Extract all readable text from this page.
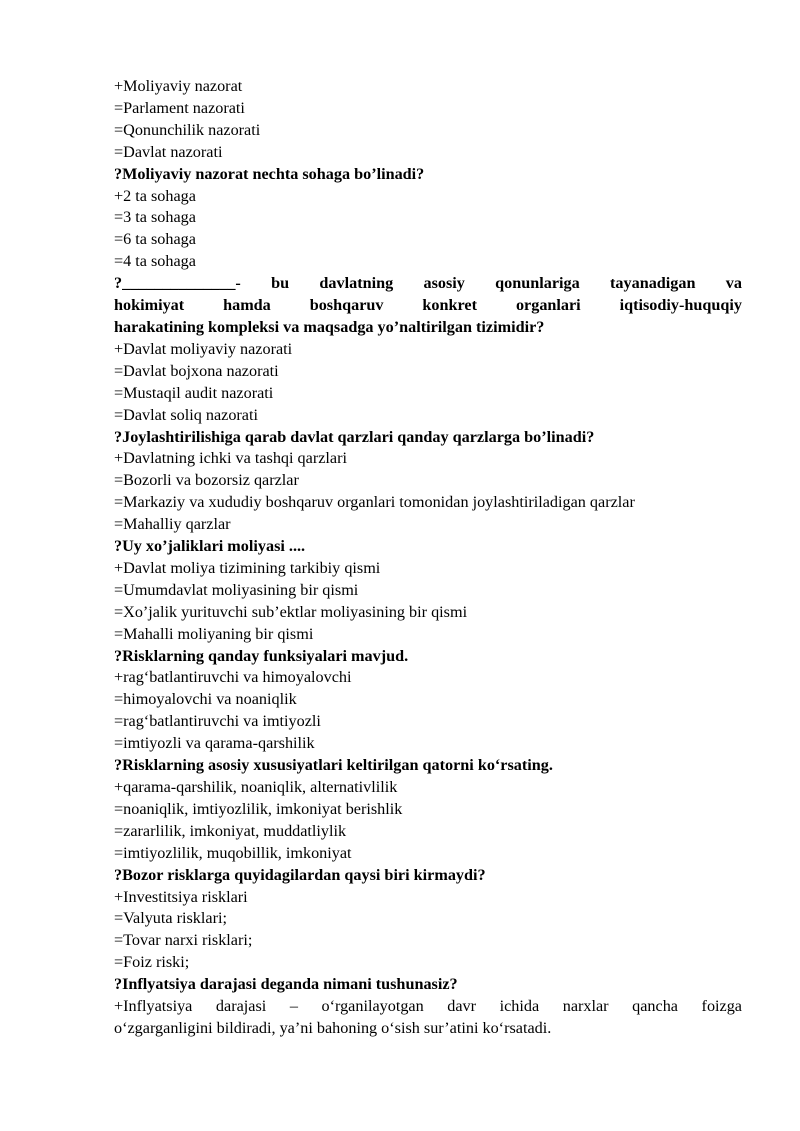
+Moliyaviy nazorat
=Parlament nazorati
=Qonunchilik nazorati
=Davlat nazorati
?Moliyaviy nazorat nechta sohaga bo’linadi?
+2 ta sohaga
=3 ta sohaga
=6 ta sohaga
=4 ta sohaga
?______________- bu davlatning asosiy qonunlariga tayanadigan va
hokimiyat hamda boshqaruv konkret organlari iqtisodiy-huquqiy
harakatining kompleksi va maqsadga yo’naltirilgan tizimidir?
+Davlat moliyaviy nazorati
=Davlat bojxona nazorati
=Mustaqil audit nazorati
=Davlat soliq nazorati
?Joylashtirilishiga qarab davlat qarzlari qanday qarzlarga bo’linadi?
+Davlatning ichki va tashqi qarzlari
=Bozorli va bozorsiz qarzlar
=Markaziy va xududiy boshqaruv organlari tomonidan joylashtiriladigan qarzlar
=Mahalliy qarzlar
?Uy xo’jaliklari moliyasi ....
+Davlat moliya tizimining tarkibiy qismi
=Umumdavlat moliyasining bir qismi
=Xo’jalik yurituvchi sub’ektlar moliyasining bir qismi
=Mahalli moliyaning bir qismi
?Risklarning qanday funksiyalari mavjud.
+rag‘batlantiruvchi va himoyalovchi
=himoyalovchi va noaniqlik
=rag‘batlantiruvchi va imtiyozli
=imtiyozli va qarama-qarshilik
?Risklarning asosiy xususiyatlari keltirilgan qatorni ko‘rsating.
+qarama-qarshilik, noaniqlik, alternativlilik
=noaniqlik, imtiyozlilik, imkoniyat berishlik
=zararlilik, imkoniyat, muddatliylik
=imtiyozlilik, muqobillik, imkoniyat
?Bozor risklarga quyidagilardan qaysi biri kirmaydi?
+Investitsiya risklari
=Valyuta risklari;
=Tovar narxi risklari;
=Foiz riski;
?Inflyatsiya darajasi deganda nimani tushunasiz?
+Inflyatsiya darajasi – o‘rganilayotgan davr ichida narxlar qancha foizga
o‘zgarganligini bildiradi, ya’ni bahoning o‘sish sur’atini ko‘rsatadi.
